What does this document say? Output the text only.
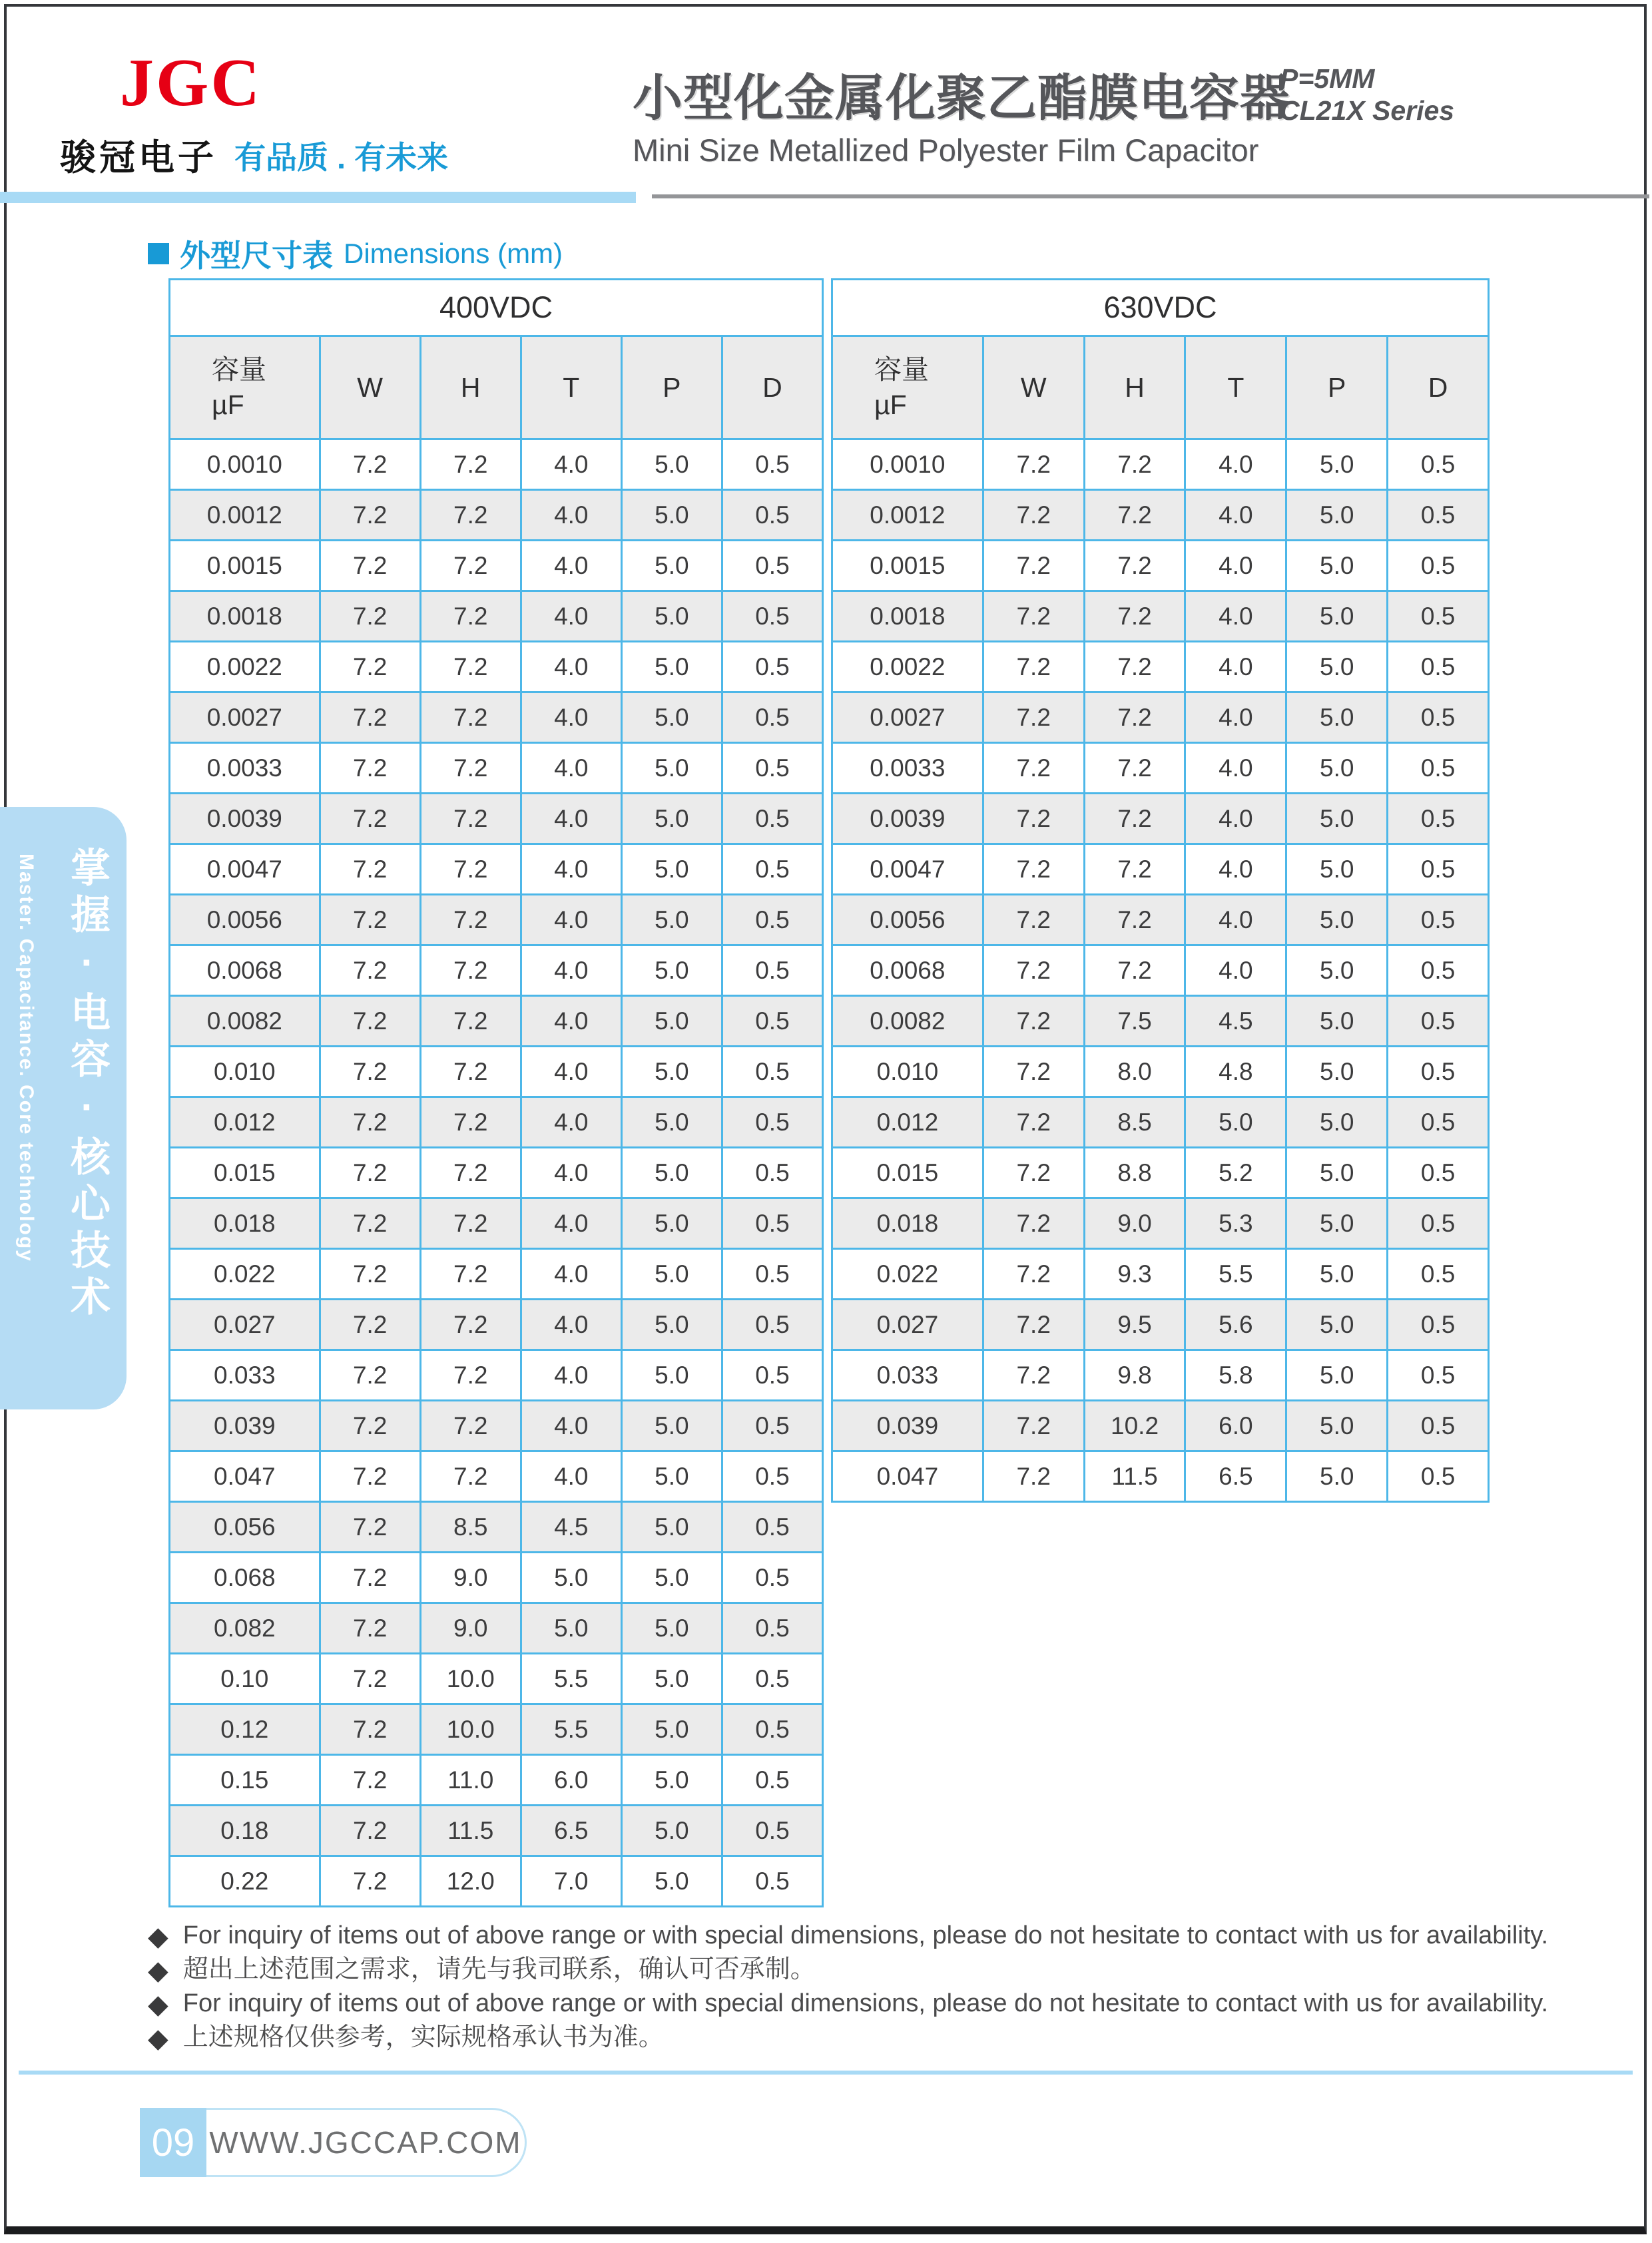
JGC
骏冠电子 有品质 . 有未来
小型化金属化聚乙酯膜电容器
P=5MM
CL21X Series
Mini Size Metallized Polyester Film Capacitor
外型尺寸表 Dimensions (mm)
Master. Capacitance. Core technology 掌握·电容·核心技术
400VDC					

容量
µF	W	H	T	P	D
0.0010	7.2	7.2	4.0	5.0	0.5
0.0012	7.2	7.2	4.0	5.0	0.5
0.0015	7.2	7.2	4.0	5.0	0.5
0.0018	7.2	7.2	4.0	5.0	0.5
0.0022	7.2	7.2	4.0	5.0	0.5
0.0027	7.2	7.2	4.0	5.0	0.5
0.0033	7.2	7.2	4.0	5.0	0.5
0.0039	7.2	7.2	4.0	5.0	0.5
0.0047	7.2	7.2	4.0	5.0	0.5
0.0056	7.2	7.2	4.0	5.0	0.5
0.0068	7.2	7.2	4.0	5.0	0.5
0.0082	7.2	7.2	4.0	5.0	0.5
0.010	7.2	7.2	4.0	5.0	0.5
0.012	7.2	7.2	4.0	5.0	0.5
0.015	7.2	7.2	4.0	5.0	0.5
0.018	7.2	7.2	4.0	5.0	0.5
0.022	7.2	7.2	4.0	5.0	0.5
0.027	7.2	7.2	4.0	5.0	0.5
0.033	7.2	7.2	4.0	5.0	0.5
0.039	7.2	7.2	4.0	5.0	0.5
0.047	7.2	7.2	4.0	5.0	0.5
0.056	7.2	8.5	4.5	5.0	0.5
0.068	7.2	9.0	5.0	5.0	0.5
0.082	7.2	9.0	5.0	5.0	0.5
0.10	7.2	10.0	5.5	5.0	0.5
0.12	7.2	10.0	5.5	5.0	0.5
0.15	7.2	11.0	6.0	5.0	0.5
0.18	7.2	11.5	6.5	5.0	0.5
0.22	7.2	12.0	7.0	5.0	0.5
630VDC					

容量
µF	W	H	T	P	D
0.0010	7.2	7.2	4.0	5.0	0.5
0.0012	7.2	7.2	4.0	5.0	0.5
0.0015	7.2	7.2	4.0	5.0	0.5
0.0018	7.2	7.2	4.0	5.0	0.5
0.0022	7.2	7.2	4.0	5.0	0.5
0.0027	7.2	7.2	4.0	5.0	0.5
0.0033	7.2	7.2	4.0	5.0	0.5
0.0039	7.2	7.2	4.0	5.0	0.5
0.0047	7.2	7.2	4.0	5.0	0.5
0.0056	7.2	7.2	4.0	5.0	0.5
0.0068	7.2	7.2	4.0	5.0	0.5
0.0082	7.2	7.5	4.5	5.0	0.5
0.010	7.2	8.0	4.8	5.0	0.5
0.012	7.2	8.5	5.0	5.0	0.5
0.015	7.2	8.8	5.2	5.0	0.5
0.018	7.2	9.0	5.3	5.0	0.5
0.022	7.2	9.3	5.5	5.0	0.5
0.027	7.2	9.5	5.6	5.0	0.5
0.033	7.2	9.8	5.8	5.0	0.5
0.039	7.2	10.2	6.0	5.0	0.5
0.047	7.2	11.5	6.5	5.0	0.5
◆ For inquiry of items out of above range or with special dimensions, please do not hesitate to contact with us for availability.
◆ 超出上述范围之需求，请先与我司联系，确认可否承制。
◆ For inquiry of items out of above range or with special dimensions, please do not hesitate to contact with us for availability.
◆ 上述规格仅供参考，实际规格承认书为准。
09 WWW.JGCCAP.COM
